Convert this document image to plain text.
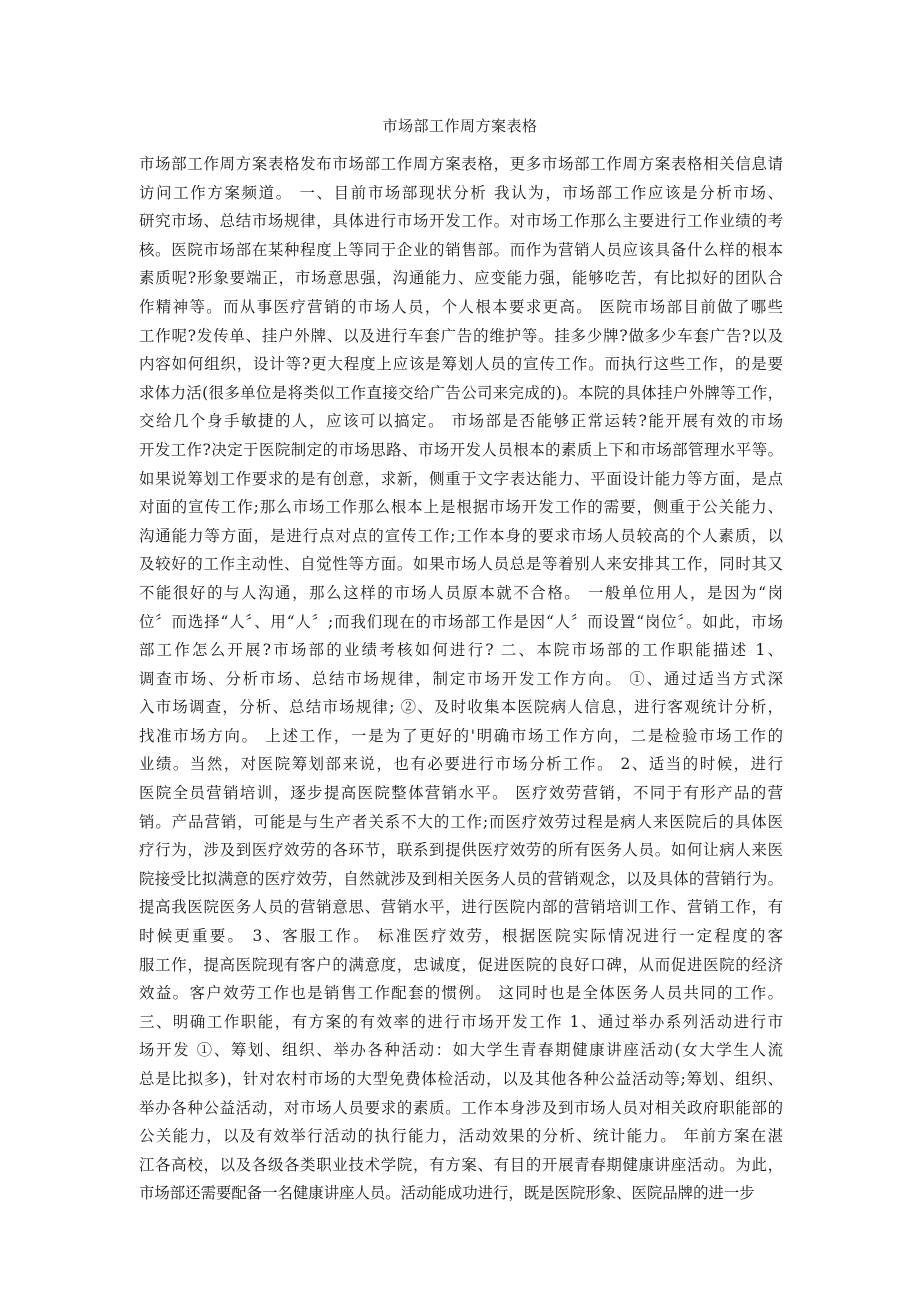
市场部工作周方案表格
市场部工作周方案表格发布市场部工作周方案表格，更多市场部工作周方案表格相关信息请
访问工作方案频道。 一、目前市场部现状分析 我认为，市场部工作应该是分析市场、
研究市场、总结市场规律，具体进行市场开发工作。对市场工作那么主要进行工作业绩的考
核。医院市场部在某种程度上等同于企业的销售部。而作为营销人员应该具备什么样的根本
素质呢?形象要端正，市场意思强，沟通能力、应变能力强，能够吃苦，有比拟好的团队合
作精神等。而从事医疗营销的市场人员，个人根本要求更高。 医院市场部目前做了哪些
工作呢?发传单、挂户外牌、以及进行车套广告的维护等。挂多少牌?做多少车套广告?以及
内容如何组织，设计等?更大程度上应该是筹划人员的宣传工作。而执行这些工作，的是要
求体力活(很多单位是将类似工作直接交给广告公司来完成的)。本院的具体挂户外牌等工作，
交给几个身手敏捷的人，应该可以搞定。 市场部是否能够正常运转?能开展有效的市场
开发工作?决定于医院制定的市场思路、市场开发人员根本的素质上下和市场部管理水平等。
如果说筹划工作要求的是有创意，求新，侧重于文字表达能力、平面设计能力等方面，是点
对面的宣传工作;那么市场工作那么根本上是根据市场开发工作的需要，侧重于公关能力、
沟通能力等方面，是进行点对点的宣传工作;工作本身的要求市场人员较高的个人素质，以
及较好的工作主动性、自觉性等方面。如果市场人员总是等着别人来安排其工作，同时其又
不能很好的与人沟通，那么这样的市场人员原本就不合格。 一般单位用人，是因为“岗
位〞而选择“人〞、用“人〞;而我们现在的市场部工作是因“人〞而设置“岗位〞。如此，市场
部工作怎么开展?市场部的业绩考核如何进行? 二、本院市场部的工作职能描述 1、
调查市场、分析市场、总结市场规律，制定市场开发工作方向。 ①、通过适当方式深
入市场调查，分析、总结市场规律; ②、及时收集本医院病人信息，进行客观统计分析，
找准市场方向。 上述工作，一是为了更好的'明确市场工作方向，二是检验市场工作的
业绩。当然，对医院筹划部来说，也有必要进行市场分析工作。 2、适当的时候，进行
医院全员营销培训，逐步提高医院整体营销水平。 医疗效劳营销，不同于有形产品的营
销。产品营销，可能是与生产者关系不大的工作;而医疗效劳过程是病人来医院后的具体医
疗行为，涉及到医疗效劳的各环节，联系到提供医疗效劳的所有医务人员。如何让病人来医
院接受比拟满意的医疗效劳，自然就涉及到相关医务人员的营销观念，以及具体的营销行为。
提高我医院医务人员的营销意思、营销水平，进行医院内部的营销培训工作、营销工作，有
时候更重要。 3、客服工作。 标准医疗效劳，根据医院实际情况进行一定程度的客
服工作，提高医院现有客户的满意度，忠诚度，促进医院的良好口碑，从而促进医院的经济
效益。客户效劳工作也是销售工作配套的惯例。 这同时也是全体医务人员共同的工作。
三、明确工作职能，有方案的有效率的进行市场开发工作 1、通过举办系列活动进行市
场开发 ①、筹划、组织、举办各种活动：如大学生青春期健康讲座活动(女大学生人流
总是比拟多)，针对农村市场的大型免费体检活动，以及其他各种公益活动等;筹划、组织、
举办各种公益活动，对市场人员要求的素质。工作本身涉及到市场人员对相关政府职能部的
公关能力，以及有效举行活动的执行能力，活动效果的分析、统计能力。 年前方案在湛
江各高校，以及各级各类职业技术学院，有方案、有目的开展青春期健康讲座活动。为此，
市场部还需要配备一名健康讲座人员。活动能成功进行，既是医院形象、医院品牌的进一步
